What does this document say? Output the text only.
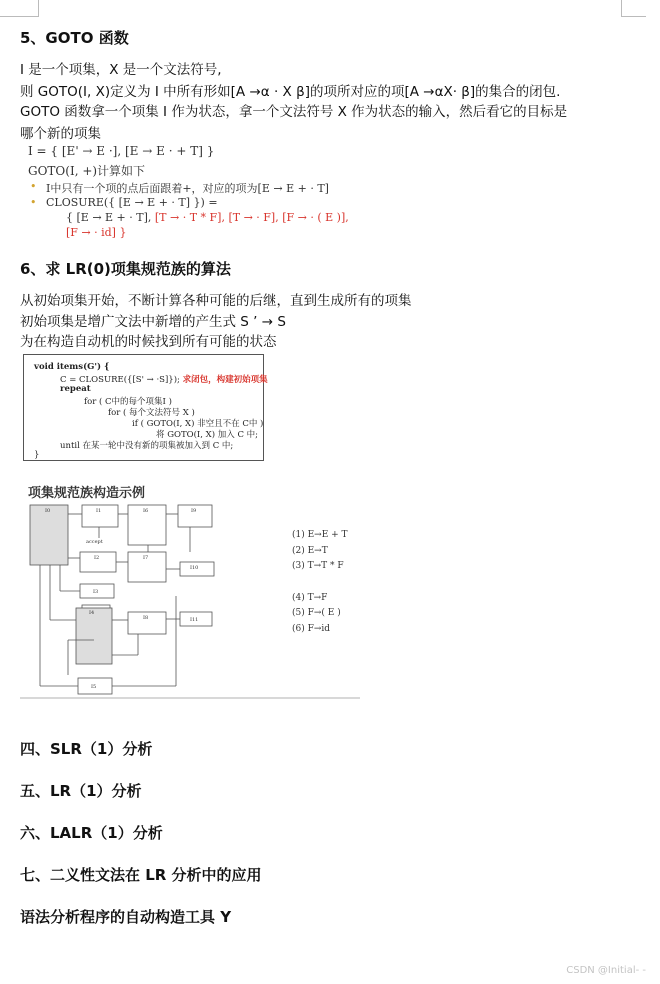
5、GOTO 函数
I 是一个项集，X 是一个文法符号,
则 GOTO(I, X)定义为 I 中所有形如[A →α · X β]的项所对应的项[A →αX· β]的集合的闭包.
GOTO 函数拿一个项集 I 作为状态，拿一个文法符号 X 作为状态的输入，然后看它的目标是
哪个新的项集
I = { [E' → E ·], [E → E · + T] }
GOTO(I, +)计算如下
• I中只有一个项的点后面跟着+，对应的项为[E → E + · T]
• CLOSURE({ [E → E + · T] }) =
{ [E → E + · T], [T → · T * F], [T → · F], [F → · ( E )],
[F → · id] }
6、求 LR(0)项集规范族的算法
从初始项集开始，不断计算各种可能的后继，直到生成所有的项集
初始项集是增广文法中新增的产生式 S ’ → S
为在构造自动机的时候找到所有可能的状态
void items(G') {
C = CLOSURE({[S' → ·S]}); 求闭包，构建初始项集
repeat
for ( C中的每个项集I )
for ( 每个文法符号 X )
if ( GOTO(I, X) 非空且不在 C中 )
将 GOTO(I, X) 加入 C 中;
until 在某一轮中没有新的项集被加入到 C 中;
}
项集规范族构造示例
I0	I1	I6	I9
I2	I7
I10
I3
I4
I8	I11
I5
accept
(1) E→E + T
(2) E→T
(3) T→T * F
(4) T→F
(5) F→( E )
(6) F→id
四、SLR（1）分析
五、LR（1）分析
六、LALR（1）分析
七、二义性文法在 LR 分析中的应用
语法分析程序的自动构造工具 Y
CSDN @Initial- -
